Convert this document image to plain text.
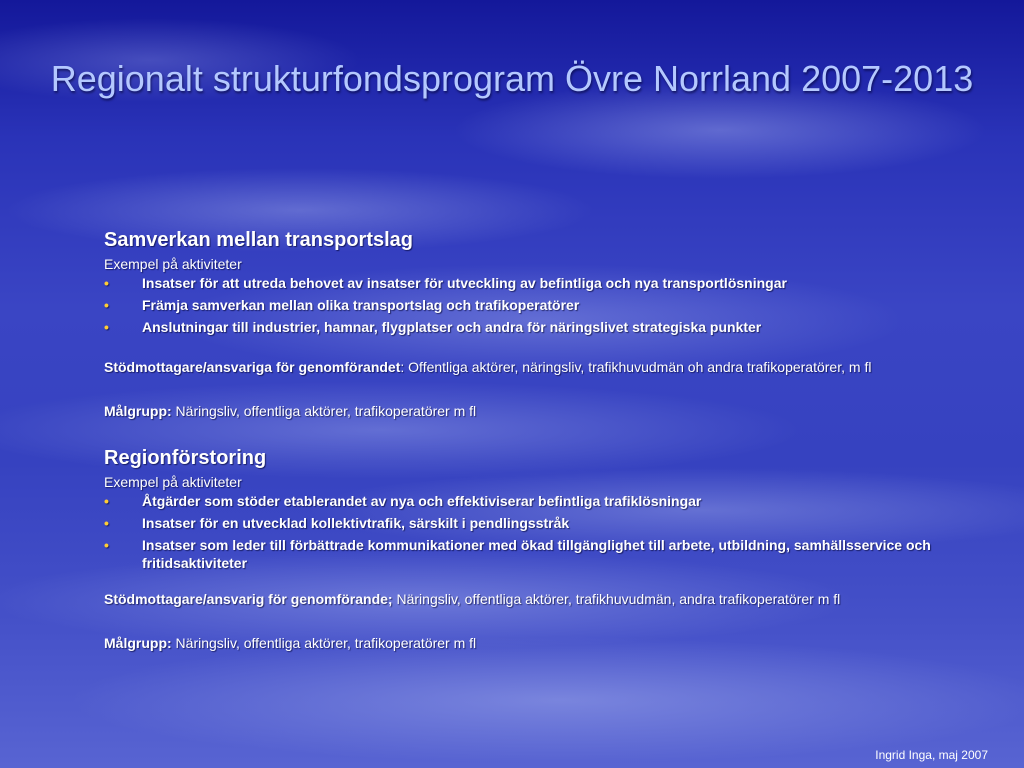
Regionalt strukturfondsprogram Övre Norrland 2007-2013

Samverkan mellan transportslag

Exempel på aktiviteter

• Insatser för att utreda behovet av insatser för utveckling av befintliga och nya transportlösningar
• Främja samverkan mellan olika transportslag och trafikoperatörer
• Anslutningar till industrier, hamnar, flygplatser och andra för näringslivet strategiska punkter

Stödmottagare/ansvariga för genomförandet: Offentliga aktörer, näringsliv, trafikhuvudmän oh andra trafikoperatörer, m fl

Målgrupp: Näringsliv, offentliga aktörer, trafikoperatörer m fl

Regionförstoring

Exempel på aktiviteter

• Åtgärder som stöder etablerandet av nya och effektiviserar befintliga trafiklösningar
• Insatser för en utvecklad kollektivtrafik, särskilt i pendlingsstråk
• Insatser som leder till förbättrade kommunikationer med ökad tillgänglighet till arbete, utbildning, samhällsservice och fritidsaktiviteter

Stödmottagare/ansvarig för genomförande; Näringsliv, offentliga aktörer, trafikhuvudmän, andra trafikoperatörer m fl

Målgrupp: Näringsliv, offentliga aktörer, trafikoperatörer m fl

Ingrid Inga, maj 2007
